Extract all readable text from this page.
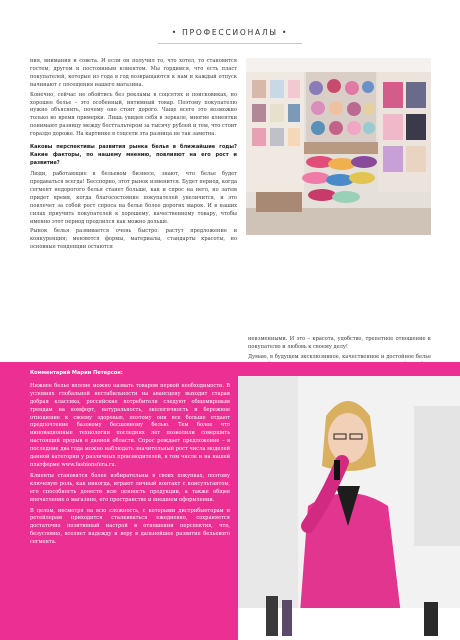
• ПРОФЕССИОНАЛЫ •

ния, внимания и совета. И если он получил то, что хотел, то становится гостем, другом и постоянным клиентом. Мы гордимся, что есть пласт покупателей, которые из года в год возвращаются к нам и каждый отпуск начинают с посещения нашего магазина.

Конечно, сейчас не обойтись без рекламы в соцсетях и поисковиках, но хорошее белье – это особенный, интимный товар. Поэтому покупателю нужно объяснить, почему оно стоит дорого. Чаще всего это возможно только во время примерки. Лишь увидев себя в зеркале, многие клиентки понимают разницу между босттальтером за тысячу рублей и тем, что стоит гораздо дороже. На картинке в соцсети эта разница не так заметна.

Каковы перспективы развития рынка белья в ближайшие годы? Какие факторы, по нашему мнению, повлияют на его рост и развитие?

Люди, работающие в бельевом бизнесе, знают, что белье будет продаваться всегда! Бесспорно, этот рынок изменится. Будет период, когда сегмент недорогого белья станет больше, как и спрос на него, но затем придет время, когда благосостояние покупателей увеличится, и это повлечет за собой рост спроса на белье более дорогих марок. И в наших силах приучить покупателей к хорошему, качественному товару, чтобы именно этот период продлился как можно дольше.

Рынок белья развивается очень быстро: растут предложение и конкуренция; меняются формы, материалы, стандарты красоты, но основные тенденции остаются

неизменными. И это – красота, удобство, трепетное отношение к покупателю и любовь к своему делу!

Думаю, в будущем эксклюзивное, качественное и достойное белье

Комментарий Марии Петерсон:

Нижнее белье вполне можно назвать товаром первой необходимости. В условиях глобальной нестабильности на авансцену выходит старая добрая классика, российские потребители следуют общемировым трендам на комфорт, натуральность, экологичность и бережное отношение к своему здоровью, поэтому они все больше отдают предпочтение базовому бесшовному белью. Тем более что инновационные технологии последних лет позволили совершить настоящий прорыв в данной области. Спрос рождает предложение – в последние два года можно наблюдать значительный рост числа моделей данной категории у различных производителей, в том числе и на нашей платформе www.fashionsfera.ru.

Клиенты становятся более избирательны в своих покупках, поэтому ключевую роль, как никогда, играют личный контакт с консультантом, его способность донести всю ценность продукции, а также общее впечатление о магазине, его пространстве и внешнем оформлении.

В целом, несмотря на всю сложность, с которыми дистрибьюторам и ретейлерам приходится сталкиваться ежедневно, сохраняется достаточно позитивный настрой в отношении перспектив, что, безусловно, вселяет надежду и веру в дальнейшее развитие бельевого сегмента.
